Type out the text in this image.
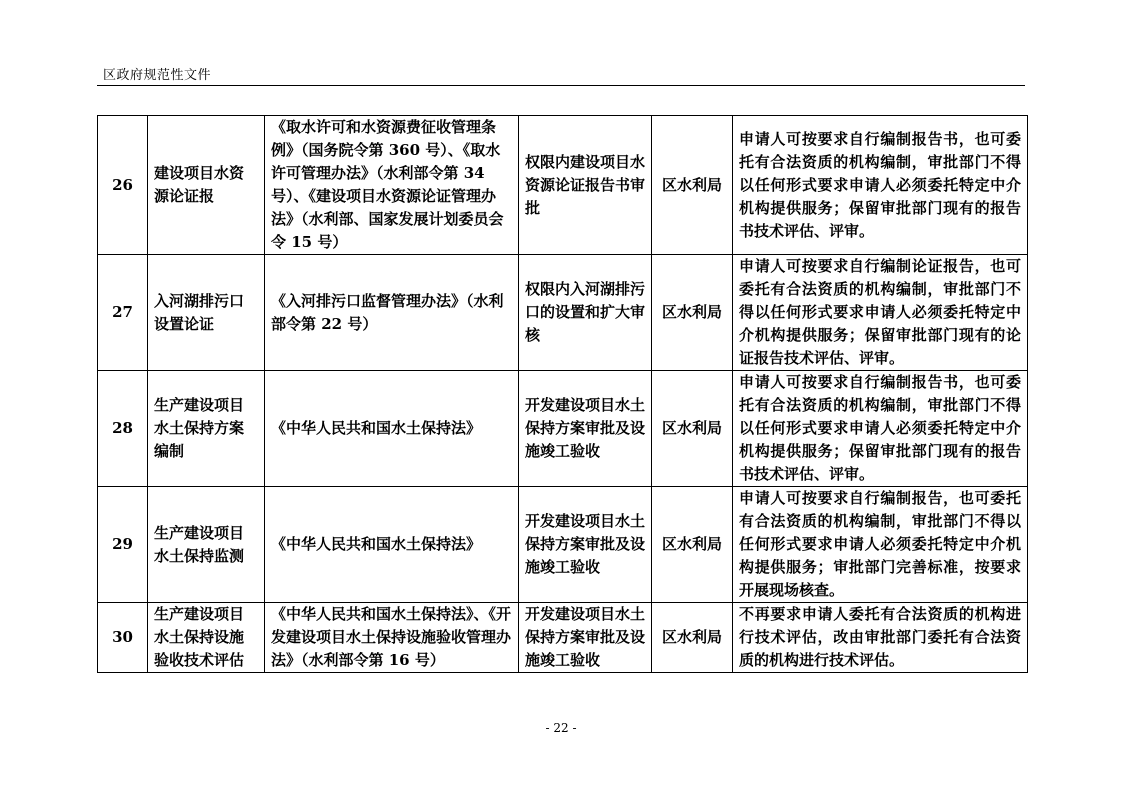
区政府规范性文件
26	建设项目水资源论证报	《取水许可和水资源费征收管理条例》（国务院令第 360 号）、《取水许可管理办法》（水利部令第 34 号）、《建设项目水资源论证管理办法》（水利部、国家发展计划委员会令 15 号）	权限内建设项目水资源论证报告书审批	区水利局	申请人可按要求自行编制报告书，也可委托有合法资质的机构编制，审批部门不得以任何形式要求申请人必须委托特定中介机构提供服务；保留审批部门现有的报告书技术评估、评审。
27	入河湖排污口设置论证	《入河排污口监督管理办法》（水利部令第 22 号）	权限内入河湖排污口的设置和扩大审核	区水利局	申请人可按要求自行编制论证报告，也可委托有合法资质的机构编制，审批部门不得以任何形式要求申请人必须委托特定中介机构提供服务；保留审批部门现有的论证报告技术评估、评审。
28	生产建设项目水土保持方案编制	《中华人民共和国水土保持法》	开发建设项目水土保持方案审批及设施竣工验收	区水利局	申请人可按要求自行编制报告书，也可委托有合法资质的机构编制，审批部门不得以任何形式要求申请人必须委托特定中介机构提供服务；保留审批部门现有的报告书技术评估、评审。
29	生产建设项目水土保持监测	《中华人民共和国水土保持法》	开发建设项目水土保持方案审批及设施竣工验收	区水利局	申请人可按要求自行编制报告，也可委托有合法资质的机构编制，审批部门不得以任何形式要求申请人必须委托特定中介机构提供服务；审批部门完善标准，按要求开展现场核查。
30	生产建设项目水土保持设施验收技术评估	《中华人民共和国水土保持法》、《开发建设项目水土保持设施验收管理办法》（水利部令第 16 号）	开发建设项目水土保持方案审批及设施竣工验收	区水利局	不再要求申请人委托有合法资质的机构进行技术评估，改由审批部门委托有合法资质的机构进行技术评估。
- 22 -
